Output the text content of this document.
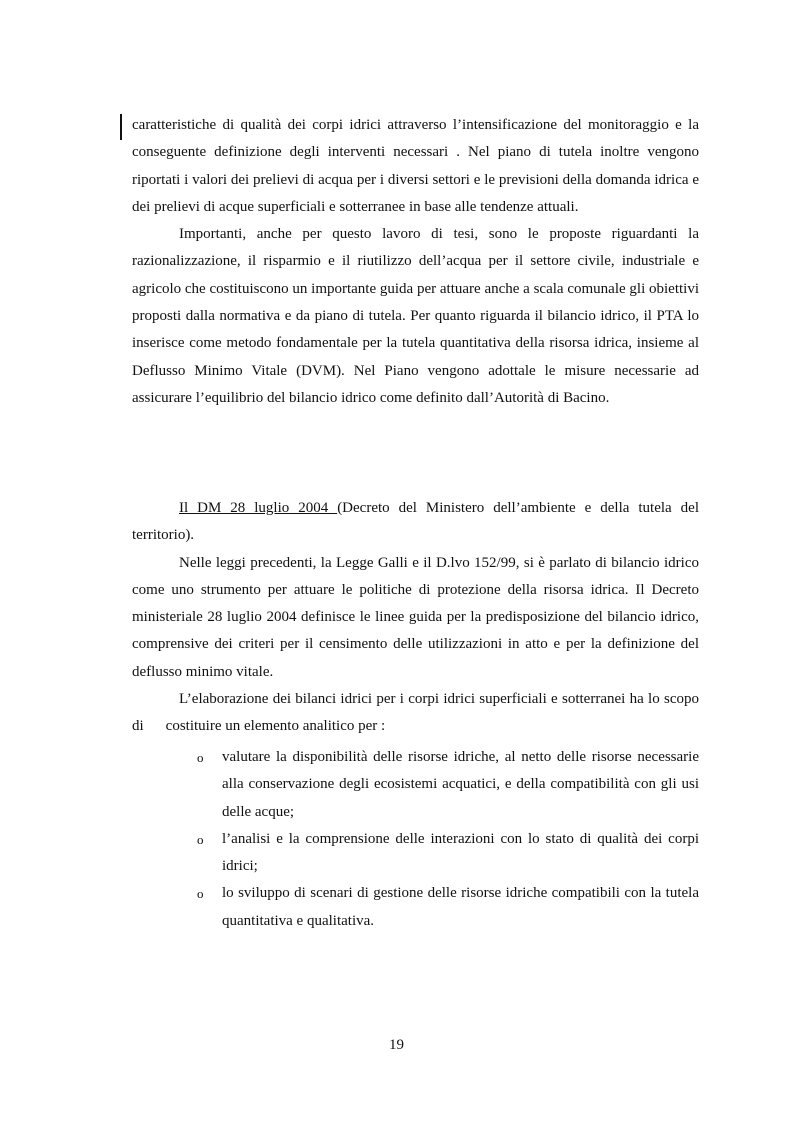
caratteristiche di qualità dei corpi idrici attraverso l’intensificazione del monitoraggio e la conseguente definizione degli interventi necessari . Nel piano di tutela inoltre vengono riportati i valori dei prelievi di acqua per i diversi settori e le previsioni della domanda idrica e dei prelievi di acque superficiali e sotterranee in base alle tendenze attuali.

Importanti, anche per questo lavoro di tesi, sono le proposte riguardanti la razionalizzazione, il risparmio e il riutilizzo dell’acqua per il settore civile, industriale e agricolo che costituiscono un importante guida per attuare anche a scala comunale gli obiettivi proposti dalla normativa e da piano di tutela. Per quanto riguarda il bilancio idrico, il PTA lo inserisce come metodo fondamentale per la tutela quantitativa della risorsa idrica, insieme al Deflusso Minimo Vitale (DVM). Nel Piano vengono adottale le misure necessarie ad assicurare l’equilibrio del bilancio idrico come definito dall’Autorità di Bacino.

Il DM 28 luglio 2004 (Decreto del Ministero dell’ambiente e della tutela del territorio).

Nelle leggi precedenti, la Legge Galli e il D.lvo 152/99, si è parlato di bilancio idrico come uno strumento per attuare le politiche di protezione della risorsa idrica. Il Decreto ministeriale 28 luglio 2004 definisce le linee guida per la predisposizione del bilancio idrico, comprensive dei criteri per il censimento delle utilizzazioni in atto e per la definizione del deflusso minimo vitale.

L’elaborazione dei bilanci idrici per i corpi idrici superficiali e sotterranei ha lo scopo di costituire un elemento analitico per :

o valutare la disponibilità delle risorse idriche, al netto delle risorse necessarie alla conservazione degli ecosistemi acquatici, e della compatibilità con gli usi delle acque;
o l’analisi e la comprensione delle interazioni con lo stato di qualità dei corpi idrici;
o lo sviluppo di scenari di gestione delle risorse idriche compatibili con la tutela quantitativa e qualitativa.
19
